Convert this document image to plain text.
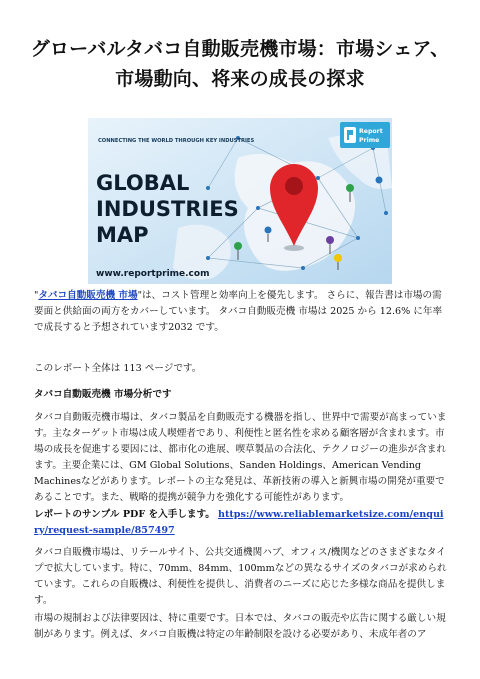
グローバルタバコ自動販売機市場：市場シェア、市場動向、将来の成長の探求
CONNECTING THE WORLD THROUGH KEY INDUSTRIES
GLOBAL
INDUSTRIES
MAP
www.reportprime.com
Report
Prime

"タバコ自動販売機 市場"は、コスト管理と効率向上を優先します。 さらに、報告書は市場の需要面と供給面の両方をカバーしています。 タバコ自動販売機 市場は 2025 から 12.6% に年率で成長すると予想されています2032 です。

このレポート全体は 113 ページです。

タバコ自動販売機 市場分析です

タバコ自動販売機市場は、タバコ製品を自動販売する機器を指し、世界中で需要が高まっています。主なターゲット市場は成人喫煙者であり、利便性と匿名性を求める顧客層が含まれます。市場の成長を促進する要因には、都市化の進展、喫草製品の合法化、テクノロジーの進歩が含まれます。主要企業には、GM Global Solutions、Sanden Holdings、American Vending Machinesなどがあります。レポートの主な発見は、革新技術の導入と新興市場の開発が重要であることです。また、戦略的提携が競争力を強化する可能性があります。

レポートのサンプル PDF を入手します。 https://www.reliablemarketsize.com/enquiry/request-sample/857497

タバコ自販機市場は、リテールサイト、公共交通機関ハブ、オフィス/機関などのさまざまなタイプで拡大しています。特に、70mm、84mm、100mmなどの異なるサイズのタバコが求められています。これらの自販機は、利便性を提供し、消費者のニーズに応じた多様な商品を提供します。

市場の規制および法律要因は、特に重要です。日本では、タバコの販売や広告に関する厳しい規制があります。例えば、タバコ自販機は特定の年齢制限を設ける必要があり、未成年者のア
